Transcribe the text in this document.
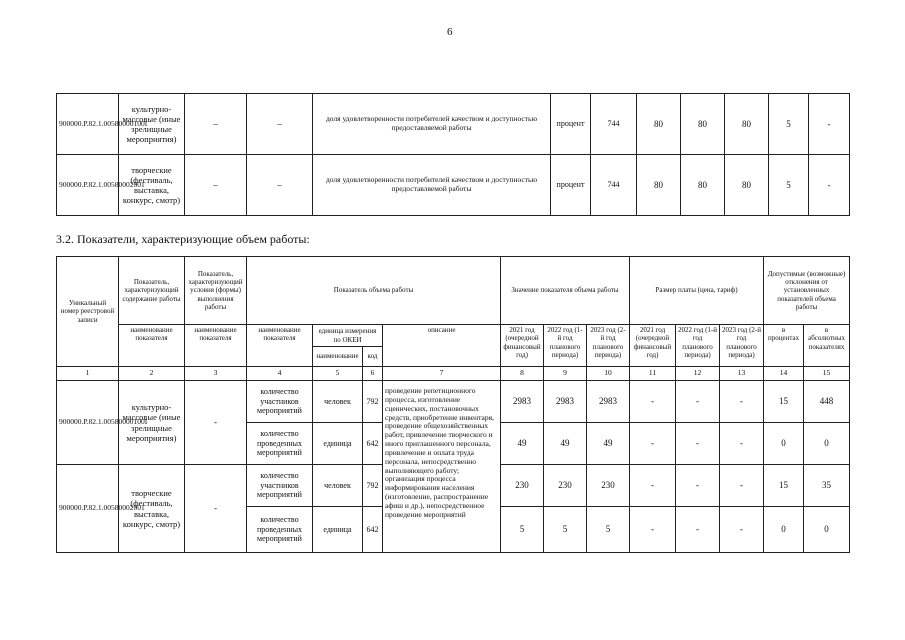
6
900000.Р.82.1.00580000100I	культурно-массовые (иные зрелищные мероприятия)	–	–	доля удовлетворенности потребителей качеством и доступностью предоставляемой работы	процент	744	80	80	80	5	-
900000.Р.82.1.00580002001	творческие (фестиваль, выставка, конкурс, смотр)	–	–	доля удовлетворенности потребителей качеством и доступностью предоставляемой работы	процент	744	80	80	80	5	-
3.2. Показатели, характеризующие объем работы:
Уникальный номер реестровой записи	Показатель, характеризующий содержание работы	Показатель, характеризующий условия (формы) выполнения работы	Показатель объема работы				Значение показателя объема работы			Размер платы (цена, тариф)			Допустимые (возможные) отклонения от установленных показателей объема работы	
	наименование показателя	наименование показателя	наименование показателя	единица измерения по ОКЕИ		описание	2021 год (очередной финансовый год)	2022 год (1-й год планового периода)	2023 год (2-й год планового периода)	2021 год (очередной финансовый год)	2022 год (1-й год планового периода)	2023 год (2-й год планового периода)	в процентах	в абсолютных показателях
				наименование	код									
1	2	3	4	5	6	7	8	9	10	11	12	13	14	15
900000.Р.82.1.00580000100I	культурно-массовые (иные зрелищные мероприятия)	-	количество участников мероприятий	человек	792	проведение репетиционного процесса, изготовление сценических, постановочных средств, приобретение инвентаря, проведение общехозяйственных работ, привлечение творческого и иного приглашенного персонала, привлечение и оплата труда персонала, непосредственно выполняющего работу; организация процесса информирования населения (изготовление, распространение афиш и др.), непосредственное проведение мероприятий	2983	2983	2983	-	-	-	15	448
			количество проведенных мероприятий	единица	642		49	49	49	-	-	-	0	0
900000.Р.82.1.00580002001	творческие (фестиваль, выставка, конкурс, смотр)	-	количество участников мероприятий	человек	792		230	230	230	-	-	-	15	35
			количество проведенных мероприятий	единица	642		5	5	5	-	-	-	0	0
